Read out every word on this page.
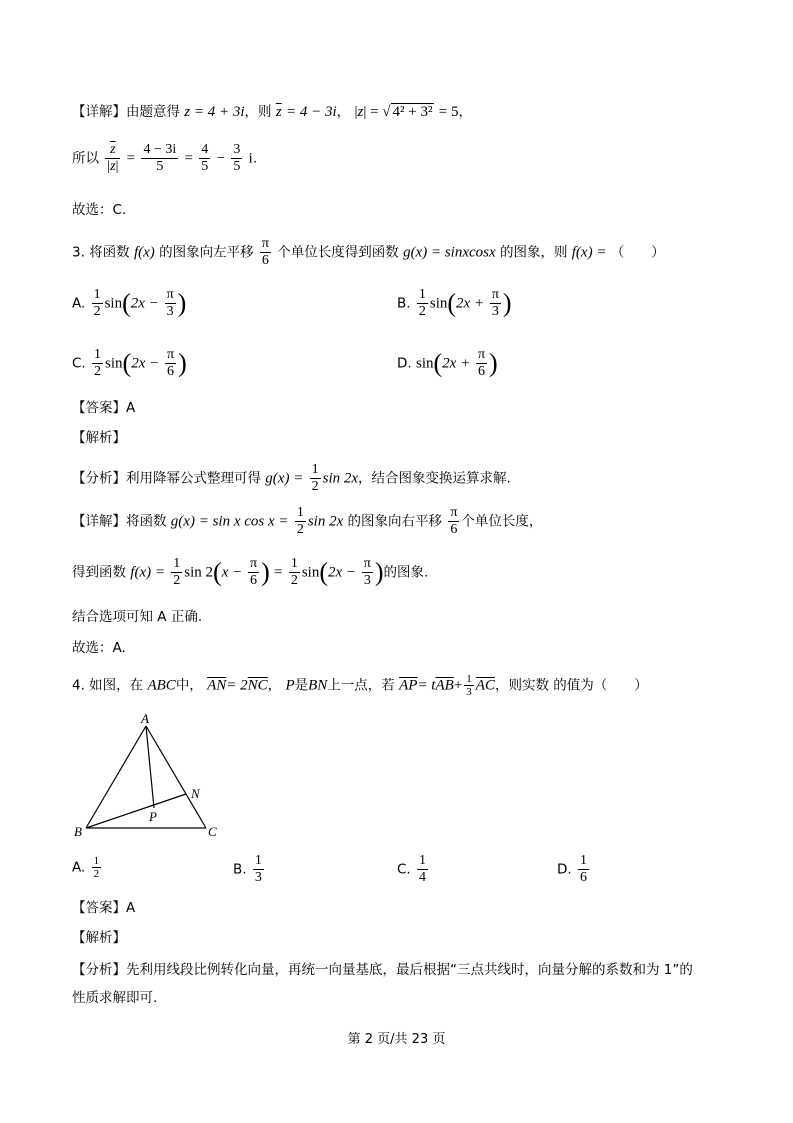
【详解】由题意得 z = 4 + 3i，则 $\overline{z} = 4 - 3i$， |z| = √ 4² + 3² = 5，
所以 $\frac{\overline{z}}{|z|} = \frac{4 - 3i}{5} = \frac{4}{5} - \frac{3}{5} i$.
故选：C.
3. 将函数 f(x) 的图象向左平移 $\frac{\pi}{6}$ 个单位长度得到函数 g(x) = sinxcosx 的图象，则 f(x) = （　　）
A. $\frac{1}{2} \sin(2x - \frac{\pi}{3}$ )	B. $\frac{1}{2} \sin(2x + \frac{\pi}{3}$ )
C. $\frac{1}{2} \sin(2x - \frac{\pi}{6}$ )	D. $\sin(2x + \frac{\pi}{6}$ )
【答案】A
【解析】
【分析】利用降幂公式整理可得 $g(x) = \frac{1}{2}$ sin 2x，结合图象变换运算求解.
【详解】将函数 g(x) = sin x $\cos x = \frac{1}{2}$ sin 2x 的图象向右平移 $\frac{\pi}{6}$ 个单位长度，
得到函数 $f(x) = \frac{1}{2}$ $\sin 2(x - \frac{\pi}{6}$ ) = $\frac{1}{2} \sin(2x - \frac{\pi}{3}$ )的图象.
结合选项可知 A 正确.
故选：A.
4. 如图，在 ABC中， $\overline{AN}= 2\overline{NC}$， P是BN上一点，若 $\overline{AP}= t\overline{AB}+ \frac{1}{3} \overline{AC}$，则实数 的值为（　　）
A
B	C
N
P
A. $\frac{1}{2}$	B. $\frac{1}{3}$	C. $\frac{1}{4}$	D. $\frac{1}{6}$
【答案】A
【解析】
【分析】先利用线段比例转化向量，再统一向量基底，最后根据“三点共线时，向量分解的系数和为 1”的
性质求解即可.
第 2 页/共 23 页
